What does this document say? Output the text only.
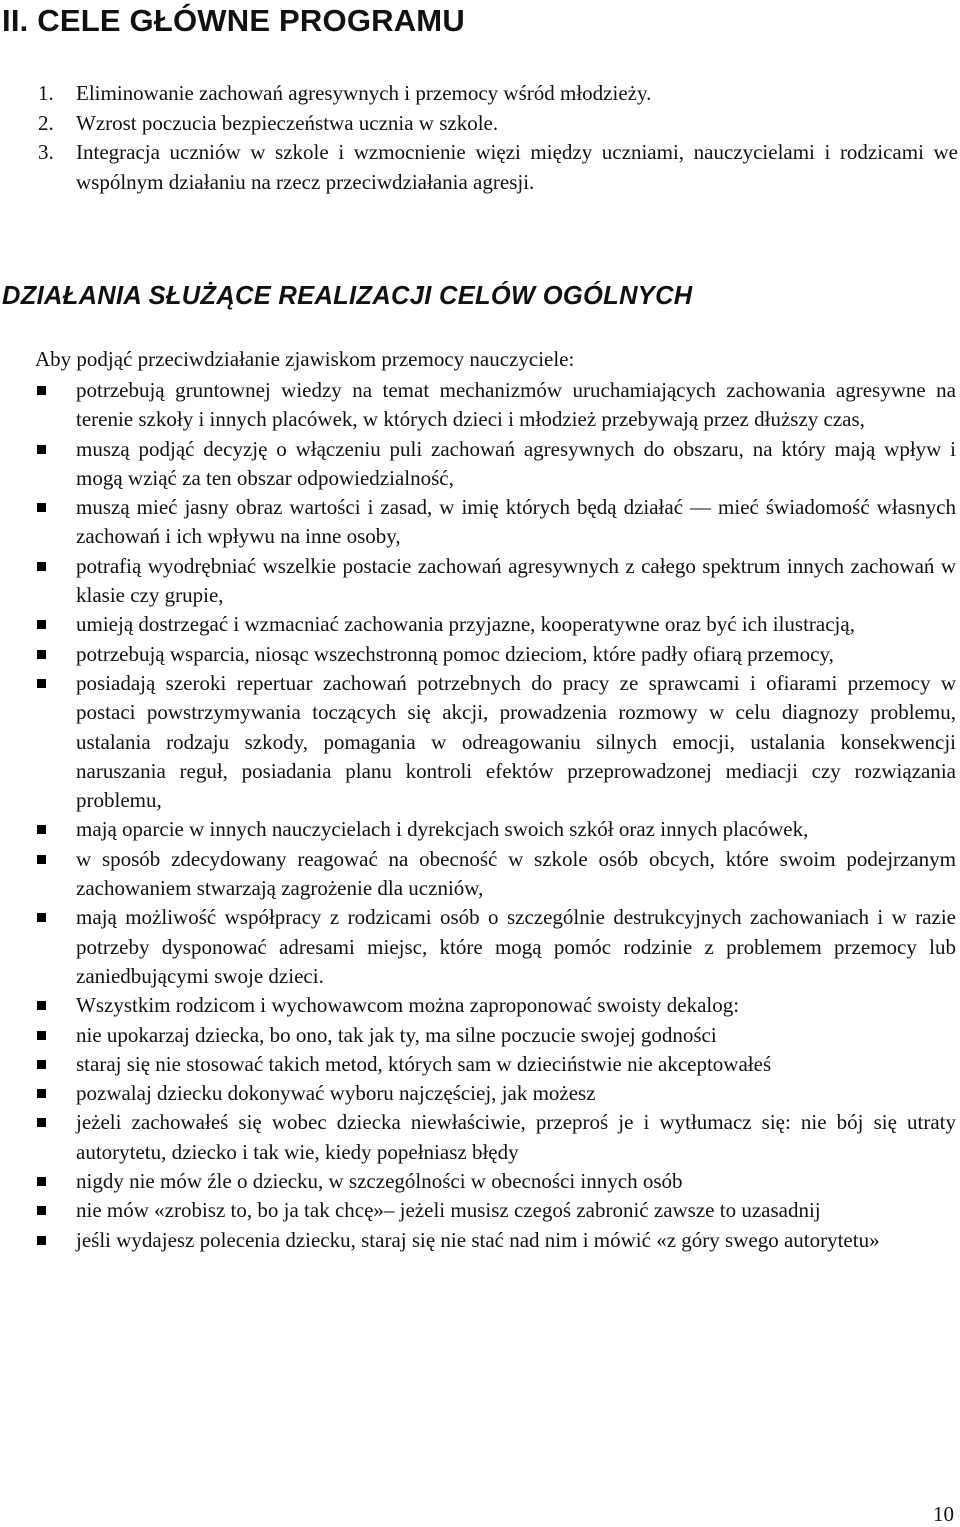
II. CELE GŁÓWNE PROGRAMU
1.	Eliminowanie zachowań agresywnych i przemocy wśród młodzieży.
2.	Wzrost poczucia bezpieczeństwa ucznia w szkole.
3.	Integracja uczniów w szkole i wzmocnienie więzi między uczniami, nauczycielami i rodzicami we wspólnym działaniu na rzecz przeciwdziałania agresji.
DZIAŁANIA SŁUŻĄCE REALIZACJI CELÓW OGÓLNYCH

Aby podjąć przeciwdziałanie zjawiskom przemocy nauczyciele:

potrzebują gruntownej wiedzy na temat mechanizmów uruchamiających zachowania agresywne na terenie szkoły i innych placówek, w których dzieci i młodzież przebywają przez dłuższy czas,
muszą podjąć decyzję o włączeniu puli zachowań agresywnych do obszaru, na który mają wpływ i mogą wziąć za ten obszar odpowiedzialność,
muszą mieć jasny obraz wartości i zasad, w imię których będą działać — mieć świadomość własnych zachowań i ich wpływu na inne osoby,
potrafią wyodrębniać wszelkie postacie zachowań agresywnych z całego spektrum innych zachowań w klasie czy grupie,
umieją dostrzegać i wzmacniać zachowania przyjazne, kooperatywne oraz być ich ilustracją,
potrzebują wsparcia, niosąc wszechstronną pomoc dzieciom, które padły ofiarą przemocy,
posiadają szeroki repertuar zachowań potrzebnych do pracy ze sprawcami i ofiarami przemocy w postaci powstrzymywania toczących się akcji, prowadzenia rozmowy w celu diagnozy problemu, ustalania rodzaju szkody, pomagania w odreagowaniu silnych emocji, ustalania konsekwencji naruszania reguł, posiadania planu kontroli efektów przeprowadzonej mediacji czy rozwiązania problemu,
mają oparcie w innych nauczycielach i dyrekcjach swoich szkół oraz innych placówek,
w sposób zdecydowany reagować na obecność w szkole osób obcych, które swoim podejrzanym zachowaniem stwarzają zagrożenie dla uczniów,
mają możliwość współpracy z rodzicami osób o szczególnie destrukcyjnych zachowaniach i w razie potrzeby dysponować adresami miejsc, które mogą pomóc rodzinie z problemem przemocy lub zaniedbującymi swoje dzieci.
Wszystkim rodzicom i wychowawcom można zaproponować swoisty dekalog:
nie upokarzaj dziecka, bo ono, tak jak ty, ma silne poczucie swojej godności
staraj się nie stosować takich metod, których sam w dzieciństwie nie akceptowałeś
pozwalaj dziecku dokonywać wyboru najczęściej, jak możesz
jeżeli zachowałeś się wobec dziecka niewłaściwie, przeproś je i wytłumacz się: nie bój się utraty autorytetu, dziecko i tak wie, kiedy popełniasz błędy
nigdy nie mów źle o dziecku, w szczególności w obecności innych osób
nie mów «zrobisz to, bo ja tak chcę»– jeżeli musisz czegoś zabronić zawsze to uzasadnij
jeśli wydajesz polecenia dziecku, staraj się nie stać nad nim i mówić «z góry swego autorytetu»

10
